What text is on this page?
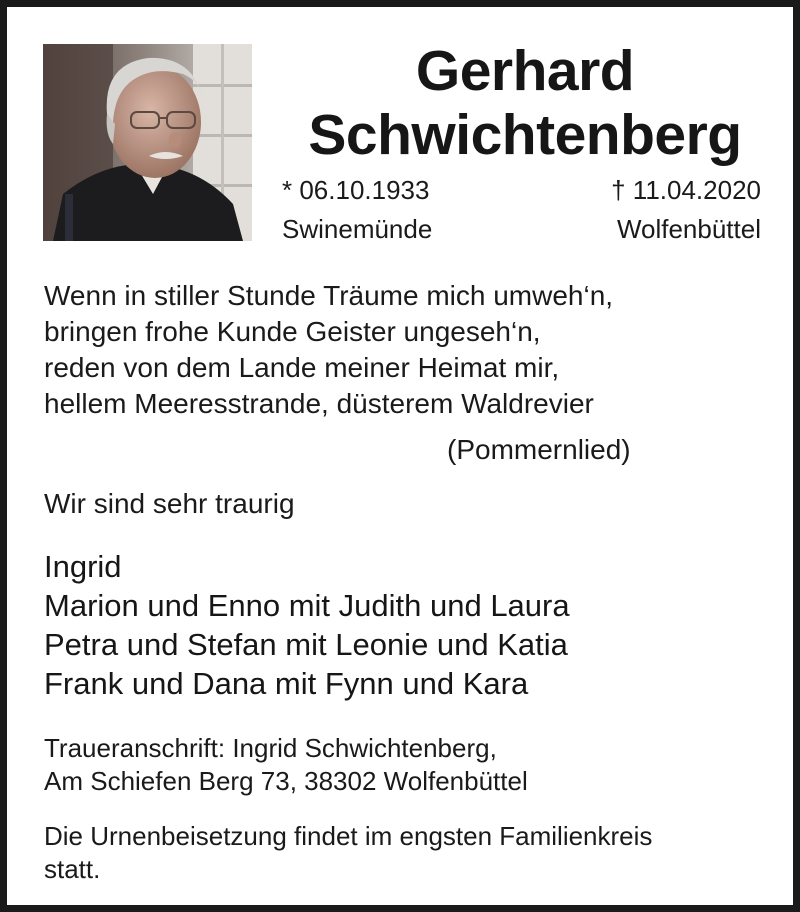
Gerhard
Schwichtenberg
* 06.10.1933
Swinemünde
† 11.04.2020
Wolfenbüttel
Wenn in stiller Stunde Träume mich umweh‘n,
bringen frohe Kunde Geister ungeseh‘n,
reden von dem Lande meiner Heimat mir,
hellem Meeresstrande, düsterem Waldrevier
(Pommernlied)
Wir sind sehr traurig
Ingrid
Marion und Enno mit Judith und Laura
Petra und Stefan mit Leonie und Katia
Frank und Dana mit Fynn und Kara
Traueranschrift: Ingrid Schwichtenberg,
Am Schiefen Berg 73, 38302 Wolfenbüttel
Die Urnenbeisetzung findet im engsten Familienkreis
statt.
